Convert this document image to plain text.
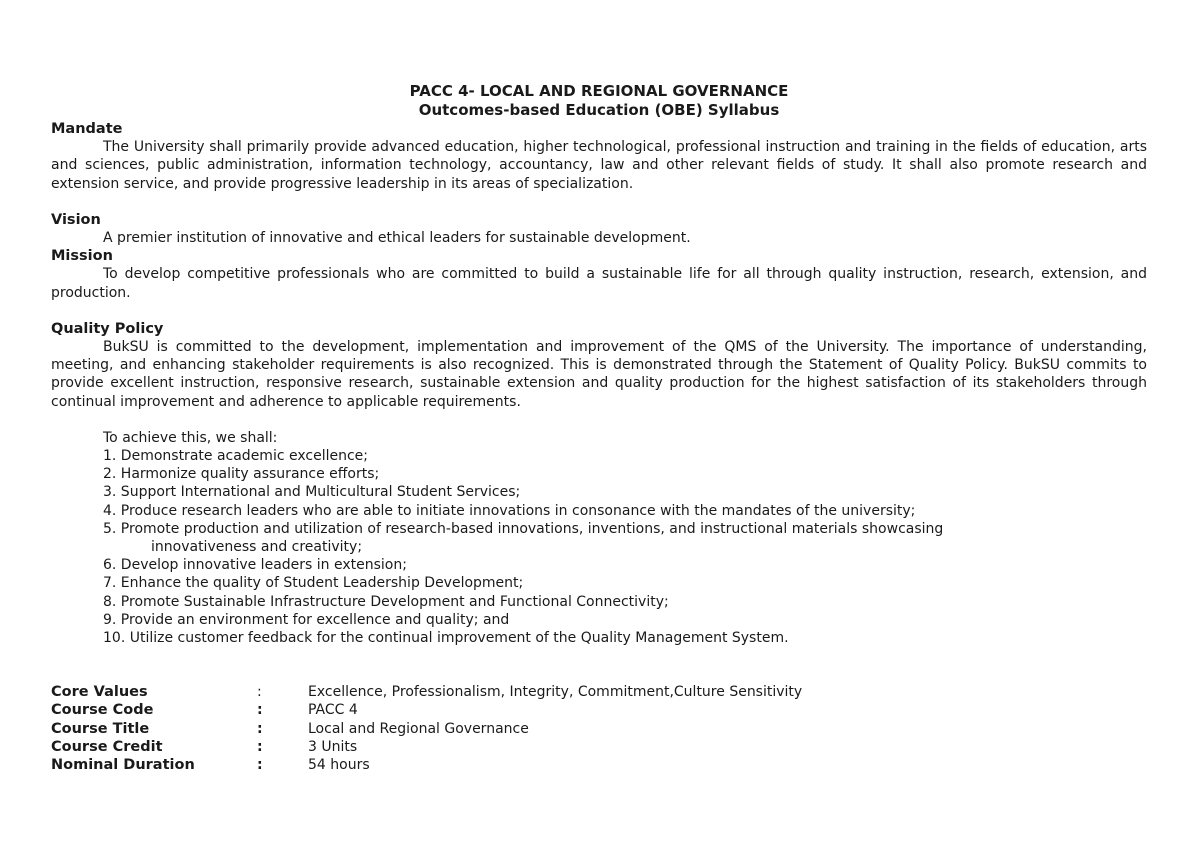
PACC 4- LOCAL AND REGIONAL GOVERNANCE
Outcomes-based Education (OBE) Syllabus
Mandate
The University shall primarily provide advanced education, higher technological, professional instruction and training in the fields of education, arts and sciences, public administration, information technology, accountancy, law and other relevant fields of study. It shall also promote research and extension service, and provide progressive leadership in its areas of specialization.
Vision
A premier institution of innovative and ethical leaders for sustainable development.
Mission
To develop competitive professionals who are committed to build a sustainable life for all through quality instruction, research, extension, and production.
Quality Policy
BukSU is committed to the development, implementation and improvement of the QMS of the University. The importance of understanding, meeting, and enhancing stakeholder requirements is also recognized. This is demonstrated through the Statement of Quality Policy. BukSU commits to provide excellent instruction, responsive research, sustainable extension and quality production for the highest satisfaction of its stakeholders through continual improvement and adherence to applicable requirements.
To achieve this, we shall:
1. Demonstrate academic excellence;
2. Harmonize quality assurance efforts;
3. Support International and Multicultural Student Services;
4. Produce research leaders who are able to initiate innovations in consonance with the mandates of the university;
5. Promote production and utilization of research-based innovations, inventions, and instructional materials showcasing
innovativeness and creativity;
6. Develop innovative leaders in extension;
7. Enhance the quality of Student Leadership Development;
8. Promote Sustainable Infrastructure Development and Functional Connectivity;
9. Provide an environment for excellence and quality; and
10. Utilize customer feedback for the continual improvement of the Quality Management System.
Core Values	:	Excellence, Professionalism, Integrity, Commitment,Culture Sensitivity
Course Code	:	PACC 4
Course Title	:	Local and Regional Governance
Course Credit	:	3 Units
Nominal Duration	:	54 hours
